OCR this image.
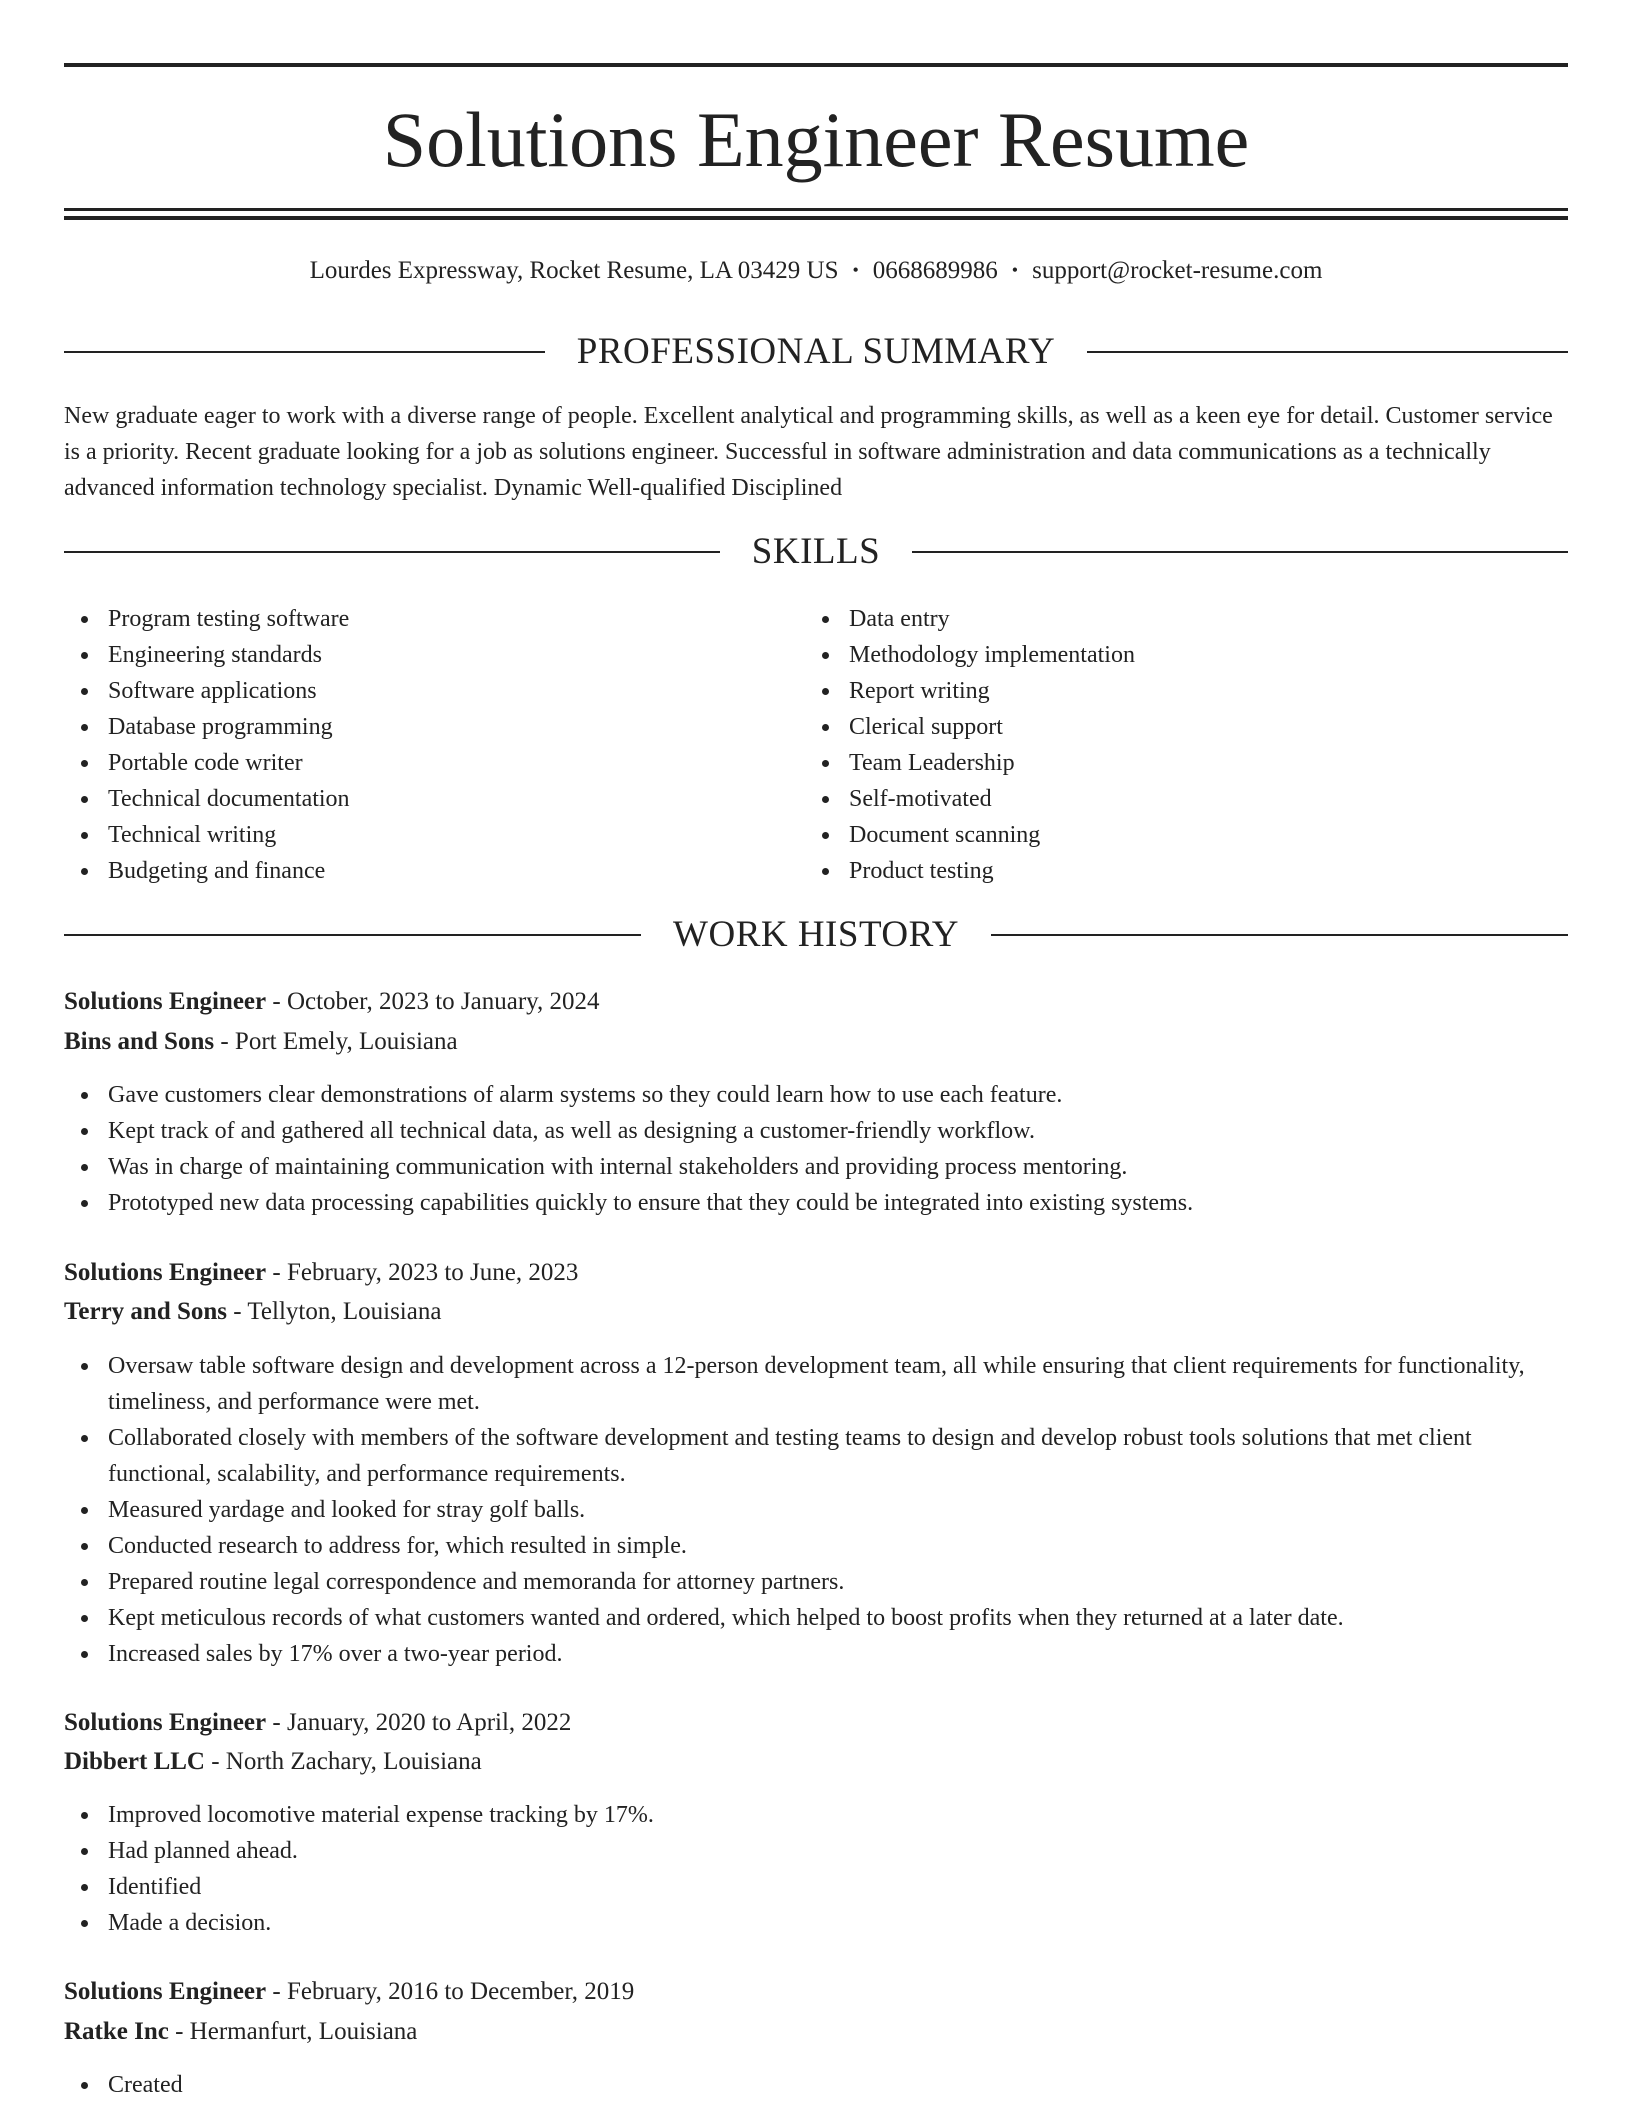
Solutions Engineer Resume
Lourdes Expressway, Rocket Resume, LA 03429 US • 0668689986 • support@rocket-resume.com
PROFESSIONAL SUMMARY

New graduate eager to work with a diverse range of people. Excellent analytical and programming skills, as well as a keen eye for detail. Customer service is a priority. Recent graduate looking for a job as solutions engineer. Successful in software administration and data communications as a technically advanced information technology specialist. Dynamic Well-qualified Disciplined

SKILLS
Program testing software
Engineering standards
Software applications
Database programming
Portable code writer
Technical documentation
Technical writing
Budgeting and finance
Data entry
Methodology implementation
Report writing
Clerical support
Team Leadership
Self-motivated
Document scanning
Product testing
WORK HISTORY
Solutions Engineer - October, 2023 to January, 2024
Bins and Sons - Port Emely, Louisiana
Gave customers clear demonstrations of alarm systems so they could learn how to use each feature.
Kept track of and gathered all technical data, as well as designing a customer-friendly workflow.
Was in charge of maintaining communication with internal stakeholders and providing process mentoring.
Prototyped new data processing capabilities quickly to ensure that they could be integrated into existing systems.
Solutions Engineer - February, 2023 to June, 2023
Terry and Sons - Tellyton, Louisiana
Oversaw table software design and development across a 12-person development team, all while ensuring that client requirements for functionality, timeliness, and performance were met.
Collaborated closely with members of the software development and testing teams to design and develop robust tools solutions that met client functional, scalability, and performance requirements.
Measured yardage and looked for stray golf balls.
Conducted research to address for, which resulted in simple.
Prepared routine legal correspondence and memoranda for attorney partners.
Kept meticulous records of what customers wanted and ordered, which helped to boost profits when they returned at a later date.
Increased sales by 17% over a two-year period.
Solutions Engineer - January, 2020 to April, 2022
Dibbert LLC - North Zachary, Louisiana
Improved locomotive material expense tracking by 17%.
Had planned ahead.
Identified
Made a decision.
Solutions Engineer - February, 2016 to December, 2019
Ratke Inc - Hermanfurt, Louisiana
Created
